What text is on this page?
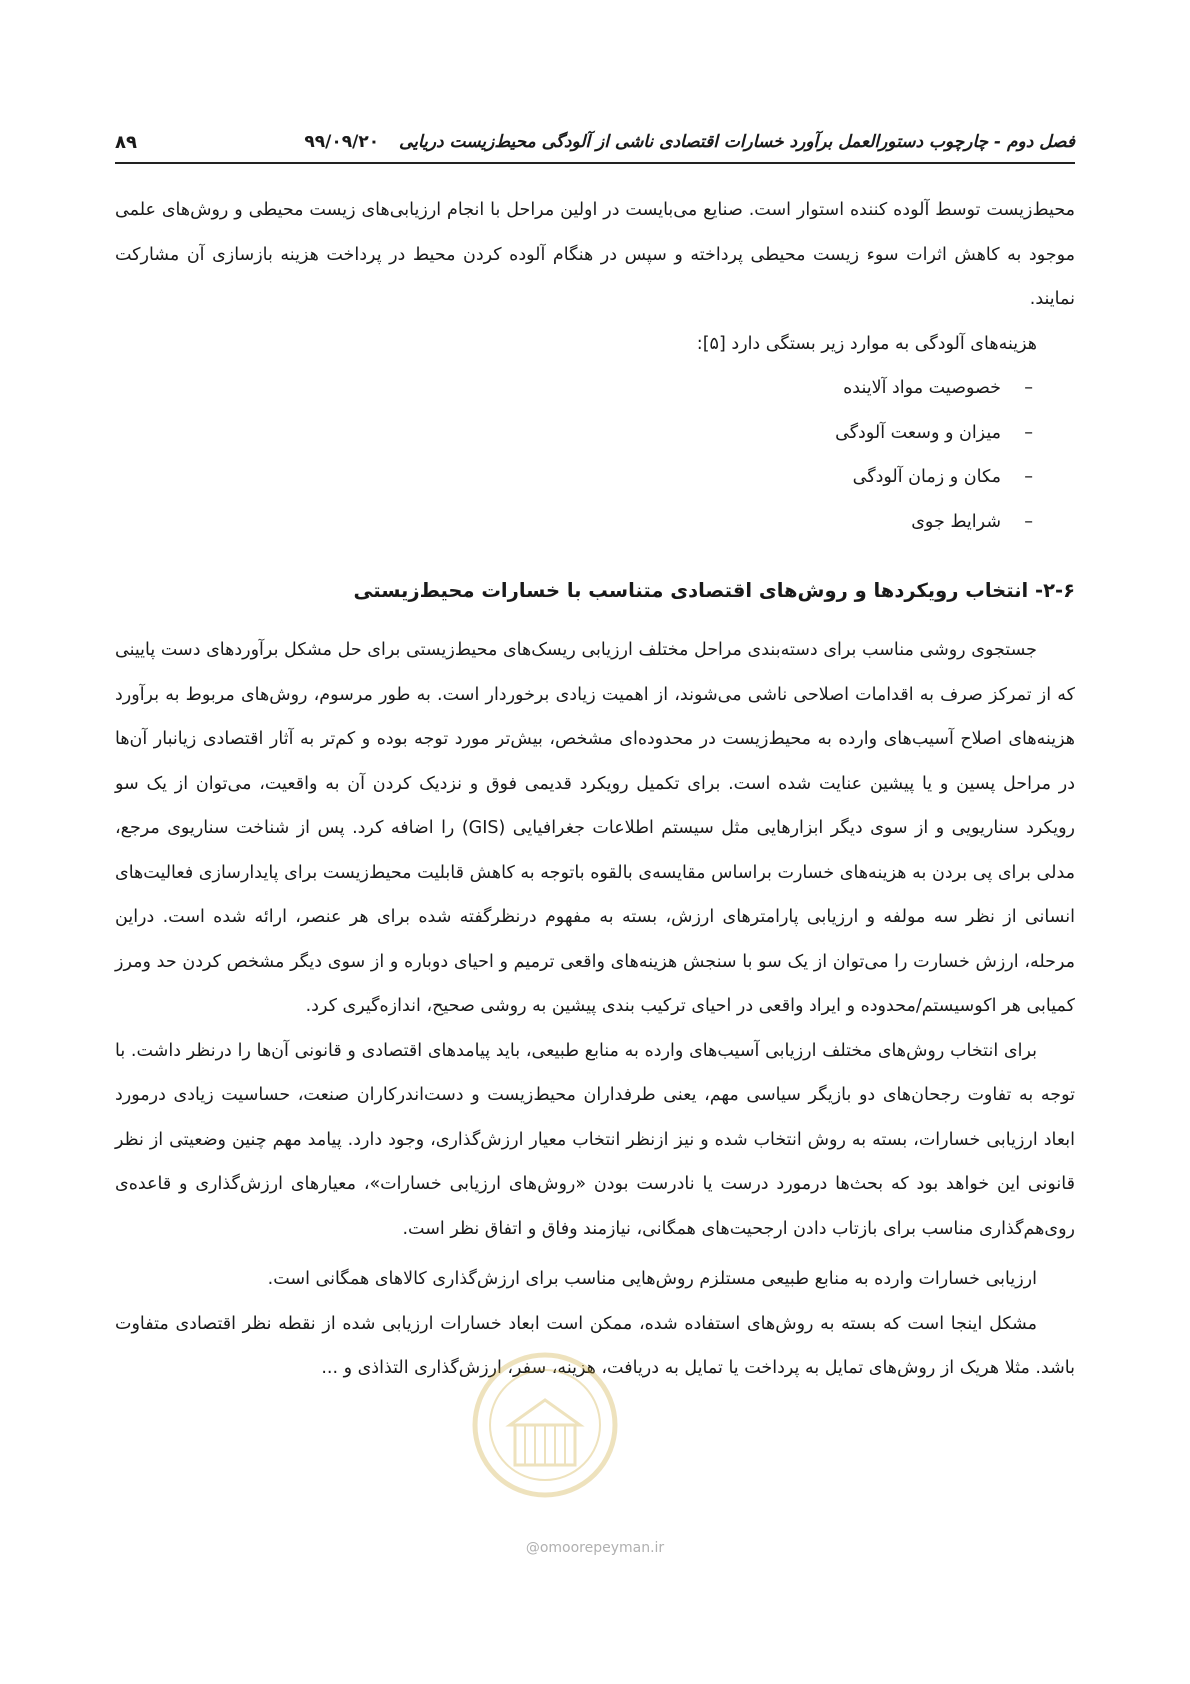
فصل دوم - چارچوب دستورالعمل برآورد خسارات اقتصادی ناشی از آلودگی محیط‌زیست دریایی ۹۹/۰۹/۲۰
۸۹

محیط‌زیست توسط آلوده کننده استوار است. صنایع می‌بایست در اولین مراحل با انجام ارزیابی‌های زیست محیطی و روش‌های علمی موجود به کاهش اثرات سوء زیست محیطی پرداخته و سپس در هنگام آلوده کردن محیط در پرداخت هزینه بازسازی آن مشارکت نمایند.

هزینه‌های آلودگی به موارد زیر بستگی دارد [۵]:

–خصوصیت مواد آلاینده
–میزان و وسعت آلودگی
–مکان و زمان آلودگی
–شرایط جوی
۲-۶- انتخاب رویکردها و روش‌های اقتصادی متناسب با خسارات محیط‌زیستی

جستجوی روشی مناسب برای دسته‌بندی مراحل مختلف ارزیابی ریسک‌های محیط‌زیستی برای حل مشکل برآوردهای دست پایینی که از تمرکز صرف به اقدامات اصلاحی ناشی می‌شوند، از اهمیت زیادی برخوردار است. به طور مرسوم، روش‌های مربوط به برآورد هزینه‌های اصلاح آسیب‌های وارده به محیط‌زیست در محدوده‌ای مشخص، بیش‌تر مورد توجه بوده و کم‌تر به آثار اقتصادی زیانبار آن‌ها در مراحل پسین و یا پیشین عنایت شده است. برای تکمیل رویکرد قدیمی فوق و نزدیک کردن آن به واقعیت، می‌توان از یک سو رویکرد سناریویی و از سوی دیگر ابزارهایی مثل سیستم اطلاعات جغرافیایی (GIS) را اضافه کرد. پس از شناخت سناریوی مرجع، مدلی برای پی بردن به هزینه‌های خسارت براساس مقایسه‌ی بالقوه باتوجه به کاهش قابلیت محیط‌زیست برای پایدارسازی فعالیت‌های انسانی از نظر سه مولفه و ارزیابی پارامترهای ارزش، بسته به مفهوم درنظرگفته شده برای هر عنصر، ارائه شده است. دراین مرحله، ارزش خسارت را می‌توان از یک سو با سنجش هزینه‌های واقعی ترمیم و احیای دوباره و از سوی دیگر مشخص کردن حد ومرز کمیابی هر اکوسیستم/محدوده و ایراد واقعی در احیای ترکیب بندی پیشین به روشی صحیح، اندازه‌گیری کرد.

برای انتخاب روش‌های مختلف ارزیابی آسیب‌های وارده به منابع طبیعی، باید پیامدهای اقتصادی و قانونی آن‌ها را درنظر داشت. با توجه به تفاوت رجحان‌های دو بازیگر سیاسی مهم، یعنی طرفداران محیط‌زیست و دست‌اندرکاران صنعت، حساسیت زیادی درمورد ابعاد ارزیابی خسارات، بسته به روش انتخاب شده و نیز ازنظر انتخاب معیار ارزش‌گذاری، وجود دارد. پیامد مهم چنین وضعیتی از نظر قانونی این خواهد بود که بحث‌ها درمورد درست یا نادرست بودن «روش‌های ارزیابی خسارات»، معیارهای ارزش‌گذاری و قاعده‌ی روی‌هم‌گذاری مناسب برای بازتاب دادن ارجحیت‌های همگانی، نیازمند وفاق و اتفاق نظر است.

ارزیابی خسارات وارده به منابع طبیعی مستلزم روش‌هایی مناسب برای ارزش‌گذاری کالاهای همگانی است.

مشکل اینجا است که بسته به روش‌های استفاده شده، ممکن است ابعاد خسارات ارزیابی شده از نقطه نظر اقتصادی متفاوت باشد. مثلا هریک از روش‌های تمایل به پرداخت یا تمایل به دریافت، هزینه، سفر، ارزش‌گذاری التذاذی و ...

@omoorepeyman.ir
